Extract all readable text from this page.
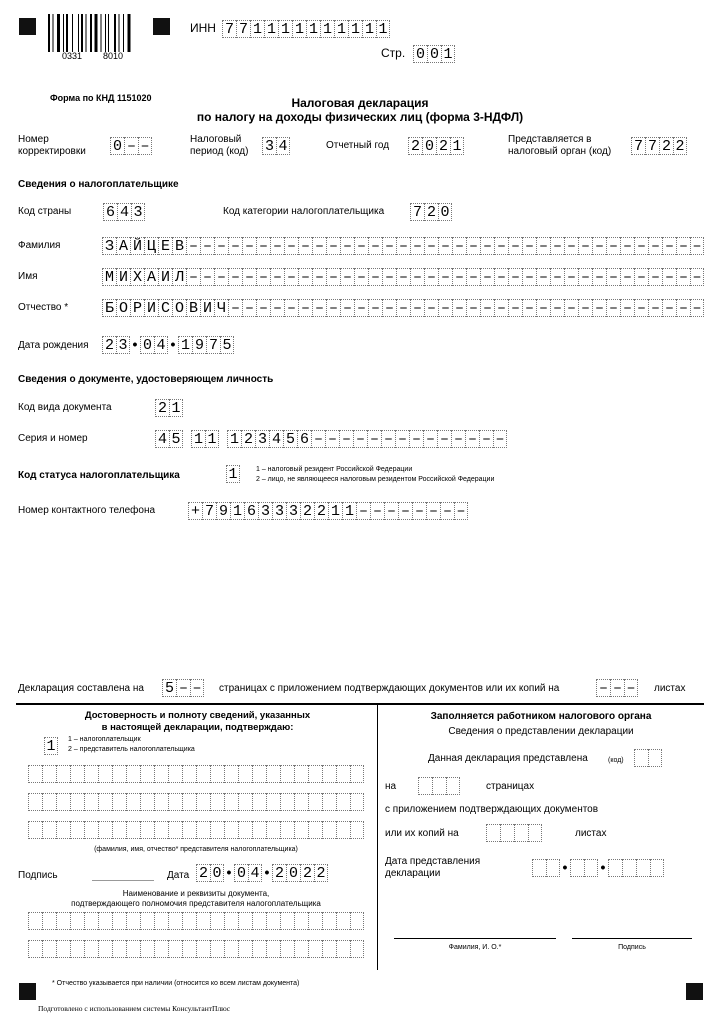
0331 8010
ИНН 7 7 1 1 1 1 1 1 1 1 1 1
Стр. 0 0 1
Форма по КНД 1151020	Налоговая декларация
по налогу на доходы физических лиц (форма 3-НДФЛ)
Номер
корректировки 0 – –	Налоговый
период (код) 3 4	Отчетный год 2 0 2 1	Представляется в
налоговый орган (код) 7 7 2 2
Сведения о налогоплательщике
Код страны 6 4 3	Код категории налогоплательщика 7 2 0
Фамилия	З А Й Ц Е В – – – – – – – – – – – – – – – – – – – – – – – – – – – – – – – – – – – – –
Имя	М И Х А И Л – – – – – – – – – – – – – – – – – – – – – – – – – – – – – – – – – – – – –
Отчество * Б О Р И С О В И Ч – – – – – – – – – – – – – – – – – – – – – – – – – – – – – – – – – –
Дата рождения 2 3 • 0 4 • 1 9 7 5
Сведения о документе, удостоверяющем личность
Код вида документа	2 1
Серия и номер	4 5 1 1 1 2 3 4 5 6 – – – – – – – – – – – – – –
Код статуса налогоплательщика	1	1 – налоговый резидент Российской Федерации
2 – лицо, не являющееся налоговым резидентом Российской Федерации
Номер контактного телефона + 7 9 1 6 3 3 3 2 2 1 1 – – – – – – – –
Декларация составлена на 5 – – страницах с приложением подтверждающих документов или их копий на	– – – листах
Достоверность и полноту сведений, указанных
в настоящей декларации, подтверждаю:
1	1 – налогоплательщик
2 – представитель налогоплательщика
(фамилия, имя, отчество* представителя налогоплательщика)
Подпись	Дата 2 0 • 0 4 • 2 0 2 2
Наименование и реквизиты документа,
подтверждающего полномочия представителя налогоплательщика
Заполняется работником налогового органа
Сведения о представлении декларации
Данная декларация представлена	(код)
на	страницах
с приложением подтверждающих документов
или их копий на	листах
Дата представления
декларации	• •
Фамилия, И. О.*	Подпись
* Отчество указывается при наличии (относится ко всем листам документа)
Подготовлено с использованием системы КонсультантПлюс
